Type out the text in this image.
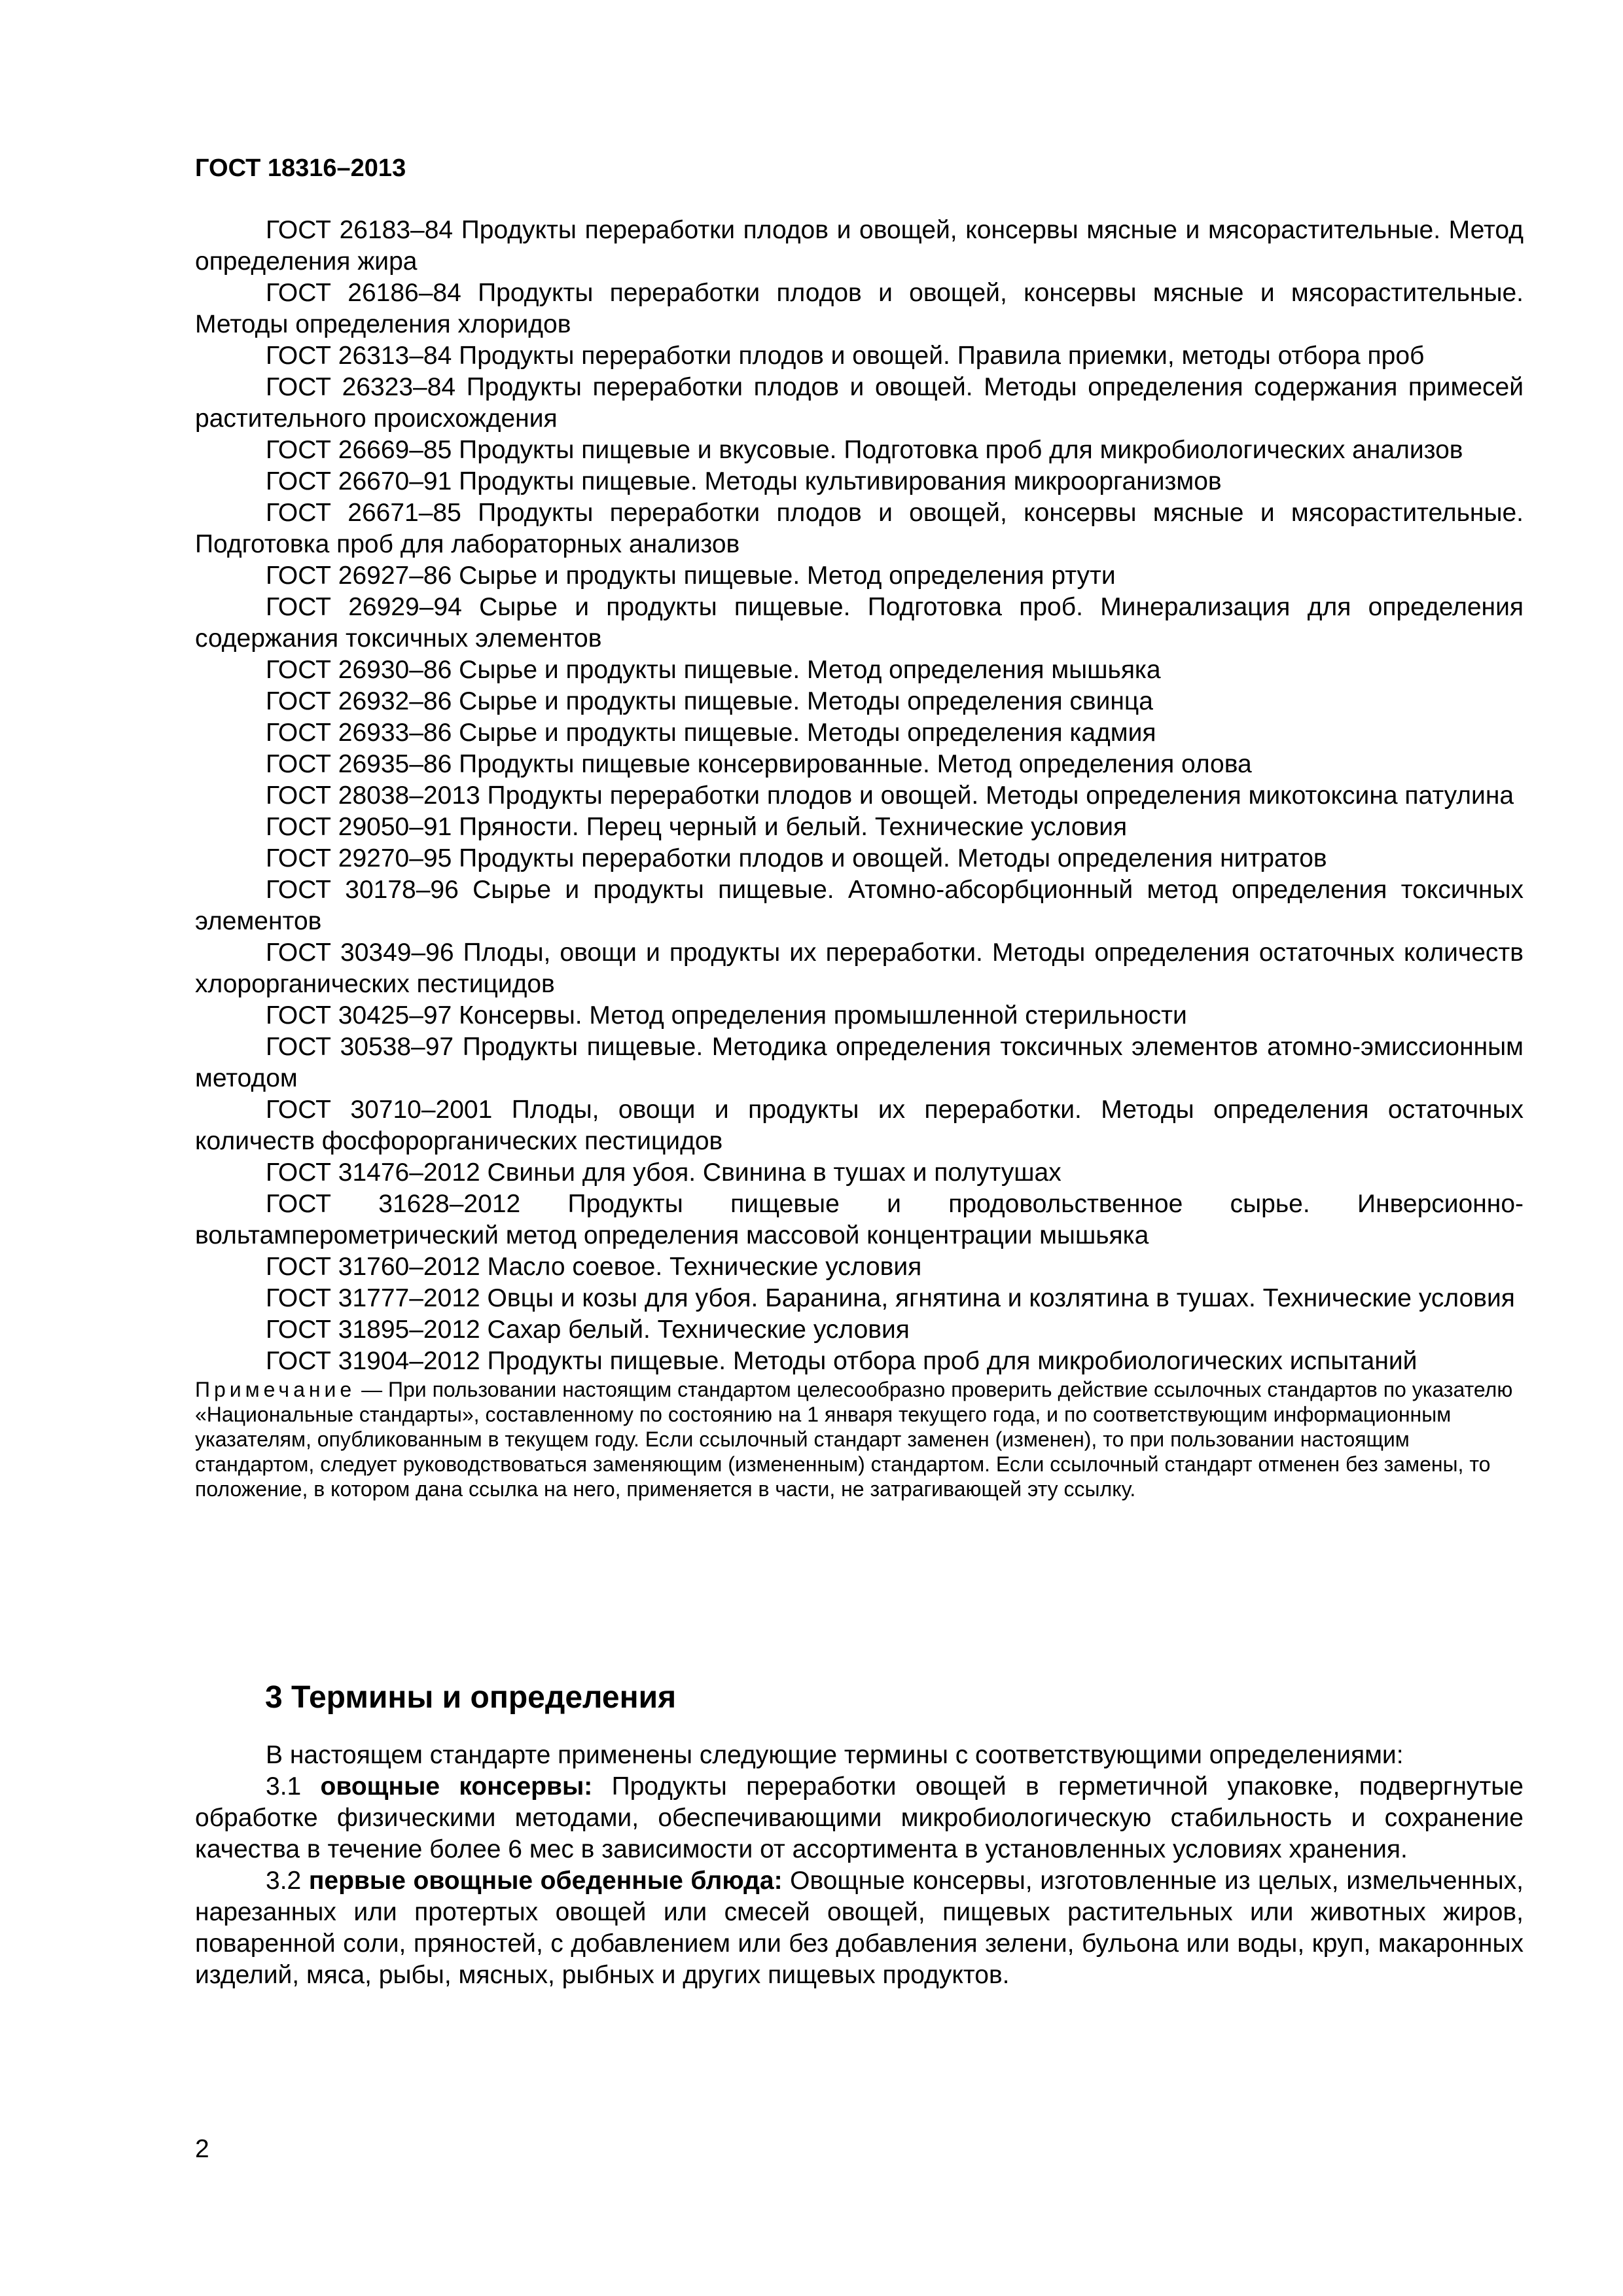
ГОСТ 18316–2013

ГОСТ 26183–84 Продукты переработки плодов и овощей, консервы мясные и мясорастительные. Метод определения жира

ГОСТ 26186–84 Продукты переработки плодов и овощей, консервы мясные и мясорастительные. Методы определения хлоридов

ГОСТ 26313–84 Продукты переработки плодов и овощей. Правила приемки, методы отбора проб

ГОСТ 26323–84 Продукты переработки плодов и овощей. Методы определения содержания примесей растительного происхождения

ГОСТ 26669–85 Продукты пищевые и вкусовые. Подготовка проб для микробиологических анализов

ГОСТ 26670–91 Продукты пищевые. Методы культивирования микроорганизмов

ГОСТ 26671–85 Продукты переработки плодов и овощей, консервы мясные и мясорастительные. Подготовка проб для лабораторных анализов

ГОСТ 26927–86 Сырье и продукты пищевые. Метод определения ртути

ГОСТ 26929–94 Сырье и продукты пищевые. Подготовка проб. Минерализация для определения содержания токсичных элементов

ГОСТ 26930–86 Сырье и продукты пищевые. Метод определения мышьяка

ГОСТ 26932–86 Сырье и продукты пищевые. Методы определения свинца

ГОСТ 26933–86 Сырье и продукты пищевые. Методы определения кадмия

ГОСТ 26935–86 Продукты пищевые консервированные. Метод определения олова

ГОСТ 28038–2013 Продукты переработки плодов и овощей. Методы определения микотоксина патулина

ГОСТ 29050–91 Пряности. Перец черный и белый. Технические условия

ГОСТ 29270–95 Продукты переработки плодов и овощей. Методы определения нитратов

ГОСТ 30178–96 Сырье и продукты пищевые. Атомно-абсорбционный метод определения токсичных элементов

ГОСТ 30349–96 Плоды, овощи и продукты их переработки. Методы определения остаточных количеств хлорорганических пестицидов

ГОСТ 30425–97 Консервы. Метод определения промышленной стерильности

ГОСТ 30538–97 Продукты пищевые. Методика определения токсичных элементов атомно-эмиссионным методом

ГОСТ 30710–2001 Плоды, овощи и продукты их переработки. Методы определения остаточных количеств фосфорорганических пестицидов

ГОСТ 31476–2012 Свиньи для убоя. Свинина в тушах и полутушах

ГОСТ 31628–2012 Продукты пищевые и продовольственное сырье. Инверсионно-вольтамперометрический метод определения массовой концентрации мышьяка

ГОСТ 31760–2012 Масло соевое. Технические условия

ГОСТ 31777–2012 Овцы и козы для убоя. Баранина, ягнятина и козлятина в тушах. Технические условия

ГОСТ 31895–2012 Сахар белый. Технические условия

ГОСТ 31904–2012 Продукты пищевые. Методы отбора проб для микробиологических испытаний

Примечание — При пользовании настоящим стандартом целесообразно проверить действие ссылочных стандартов по указателю «Национальные стандарты», составленному по состоянию на 1 января текущего года, и по соответствующим информационным указателям, опубликованным в текущем году. Если ссылочный стандарт заменен (изменен), то при пользовании настоящим стандартом, следует руководствоваться заменяющим (измененным) стандартом. Если ссылочный стандарт отменен без замены, то положение, в котором дана ссылка на него, применяется в части, не затрагивающей эту ссылку.

3 Термины и определения

В настоящем стандарте применены следующие термины с соответствующими определениями:

3.1 овощные консервы: Продукты переработки овощей в герметичной упаковке, подвергнутые обработке физическими методами, обеспечивающими микробиологическую стабильность и сохранение качества в течение более 6 мес в зависимости от ассортимента в установленных условиях хранения.

3.2 первые овощные обеденные блюда: Овощные консервы, изготовленные из целых, измельченных, нарезанных или протертых овощей или смесей овощей, пищевых растительных или животных жиров, поваренной соли, пряностей, с добавлением или без добавления зелени, бульона или воды, круп, макаронных изделий, мяса, рыбы, мясных, рыбных и других пищевых продуктов.

2
